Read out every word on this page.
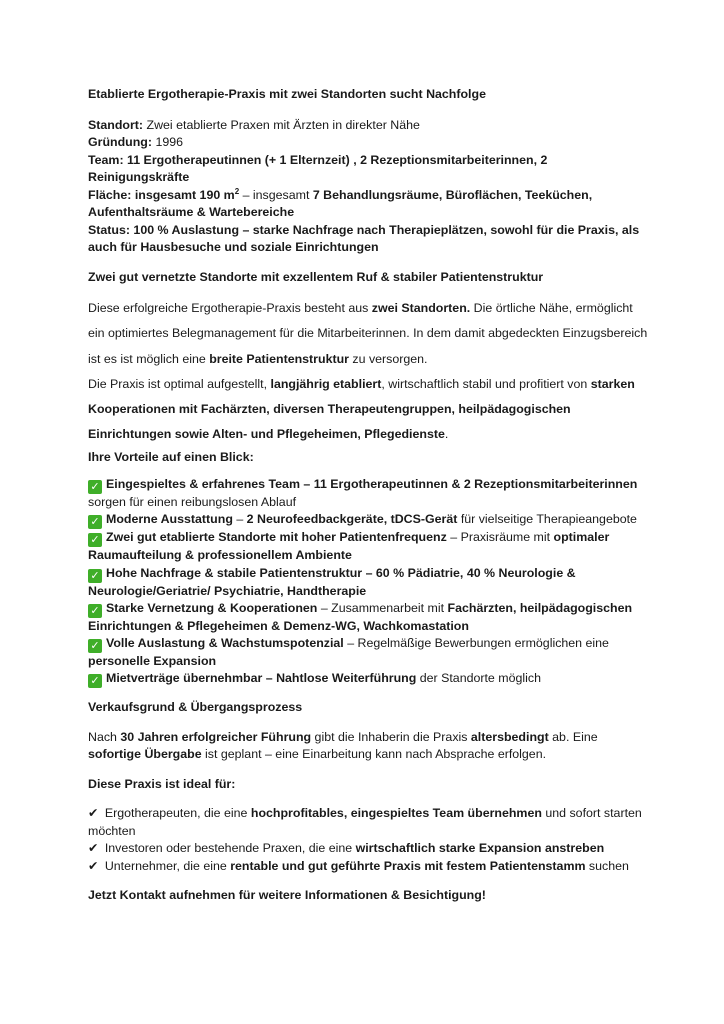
Etablierte Ergotherapie-Praxis mit zwei Standorten sucht Nachfolge

Standort: Zwei etablierte Praxen mit Ärzten in direkter Nähe

Gründung: 1996

Team: 11 Ergotherapeutinnen (+ 1 Elternzeit) , 2 Rezeptionsmitarbeiterinnen, 2 Reinigungskräfte

Fläche: insgesamt 190 $m^2$ – insgesamt 7 Behandlungsräume, Büroflächen, Teeküchen, Aufenthaltsräume & Wartebereiche

Status: 100 % Auslastung – starke Nachfrage nach Therapieplätzen, sowohl für die Praxis, als auch für Hausbesuche und soziale Einrichtungen

Zwei gut vernetzte Standorte mit exzellentem Ruf & stabiler Patientenstruktur

Diese erfolgreiche Ergotherapie-Praxis besteht aus zwei Standorten. Die örtliche Nähe, ermöglicht ein optimiertes Belegmanagement für die Mitarbeiterinnen. In dem damit abgedeckten Einzugsbereich ist es ist möglich eine breite Patientenstruktur zu versorgen.

Die Praxis ist optimal aufgestellt, langjährig etabliert, wirtschaftlich stabil und profitiert von starken Kooperationen mit Fachärzten, diversen Therapeutengruppen, heilpädagogischen Einrichtungen sowie Alten- und Pflegeheimen, Pflegedienste.

Ihre Vorteile auf einen Blick:

✓ Eingespieltes & erfahrenes Team – 11 Ergotherapeutinnen & 2 Rezeptionsmitarbeiterinnen sorgen für einen reibungslosen Ablauf

✓ Moderne Ausstattung – 2 Neurofeedbackgeräte, tDCS-Gerät für vielseitige Therapieangebote

✓ Zwei gut etablierte Standorte mit hoher Patientenfrequenz – Praxisräume mit optimaler Raumaufteilung & professionellem Ambiente

✓ Hohe Nachfrage & stabile Patientenstruktur – 60 % Pädiatrie, 40 % Neurologie & Neurologie/Geriatrie/ Psychiatrie, Handtherapie

✓ Starke Vernetzung & Kooperationen – Zusammenarbeit mit Fachärzten, heilpädagogischen Einrichtungen & Pflegeheimen & Demenz-WG, Wachkomastation

✓ Volle Auslastung & Wachstumspotenzial – Regelmäßige Bewerbungen ermöglichen eine personelle Expansion

✓ Mietverträge übernehmbar – Nahtlose Weiterführung der Standorte möglich

Verkaufsgrund & Übergangsprozess

Nach 30 Jahren erfolgreicher Führung gibt die Inhaberin die Praxis altersbedingt ab. Eine sofortige Übergabe ist geplant – eine Einarbeitung kann nach Absprache erfolgen.

Diese Praxis ist ideal für:

✔ Ergotherapeuten, die eine hochprofitables, eingespieltes Team übernehmen und sofort starten möchten

✔ Investoren oder bestehende Praxen, die eine wirtschaftlich starke Expansion anstreben

✔ Unternehmer, die eine rentable und gut geführte Praxis mit festem Patientenstamm suchen

Jetzt Kontakt aufnehmen für weitere Informationen & Besichtigung!
